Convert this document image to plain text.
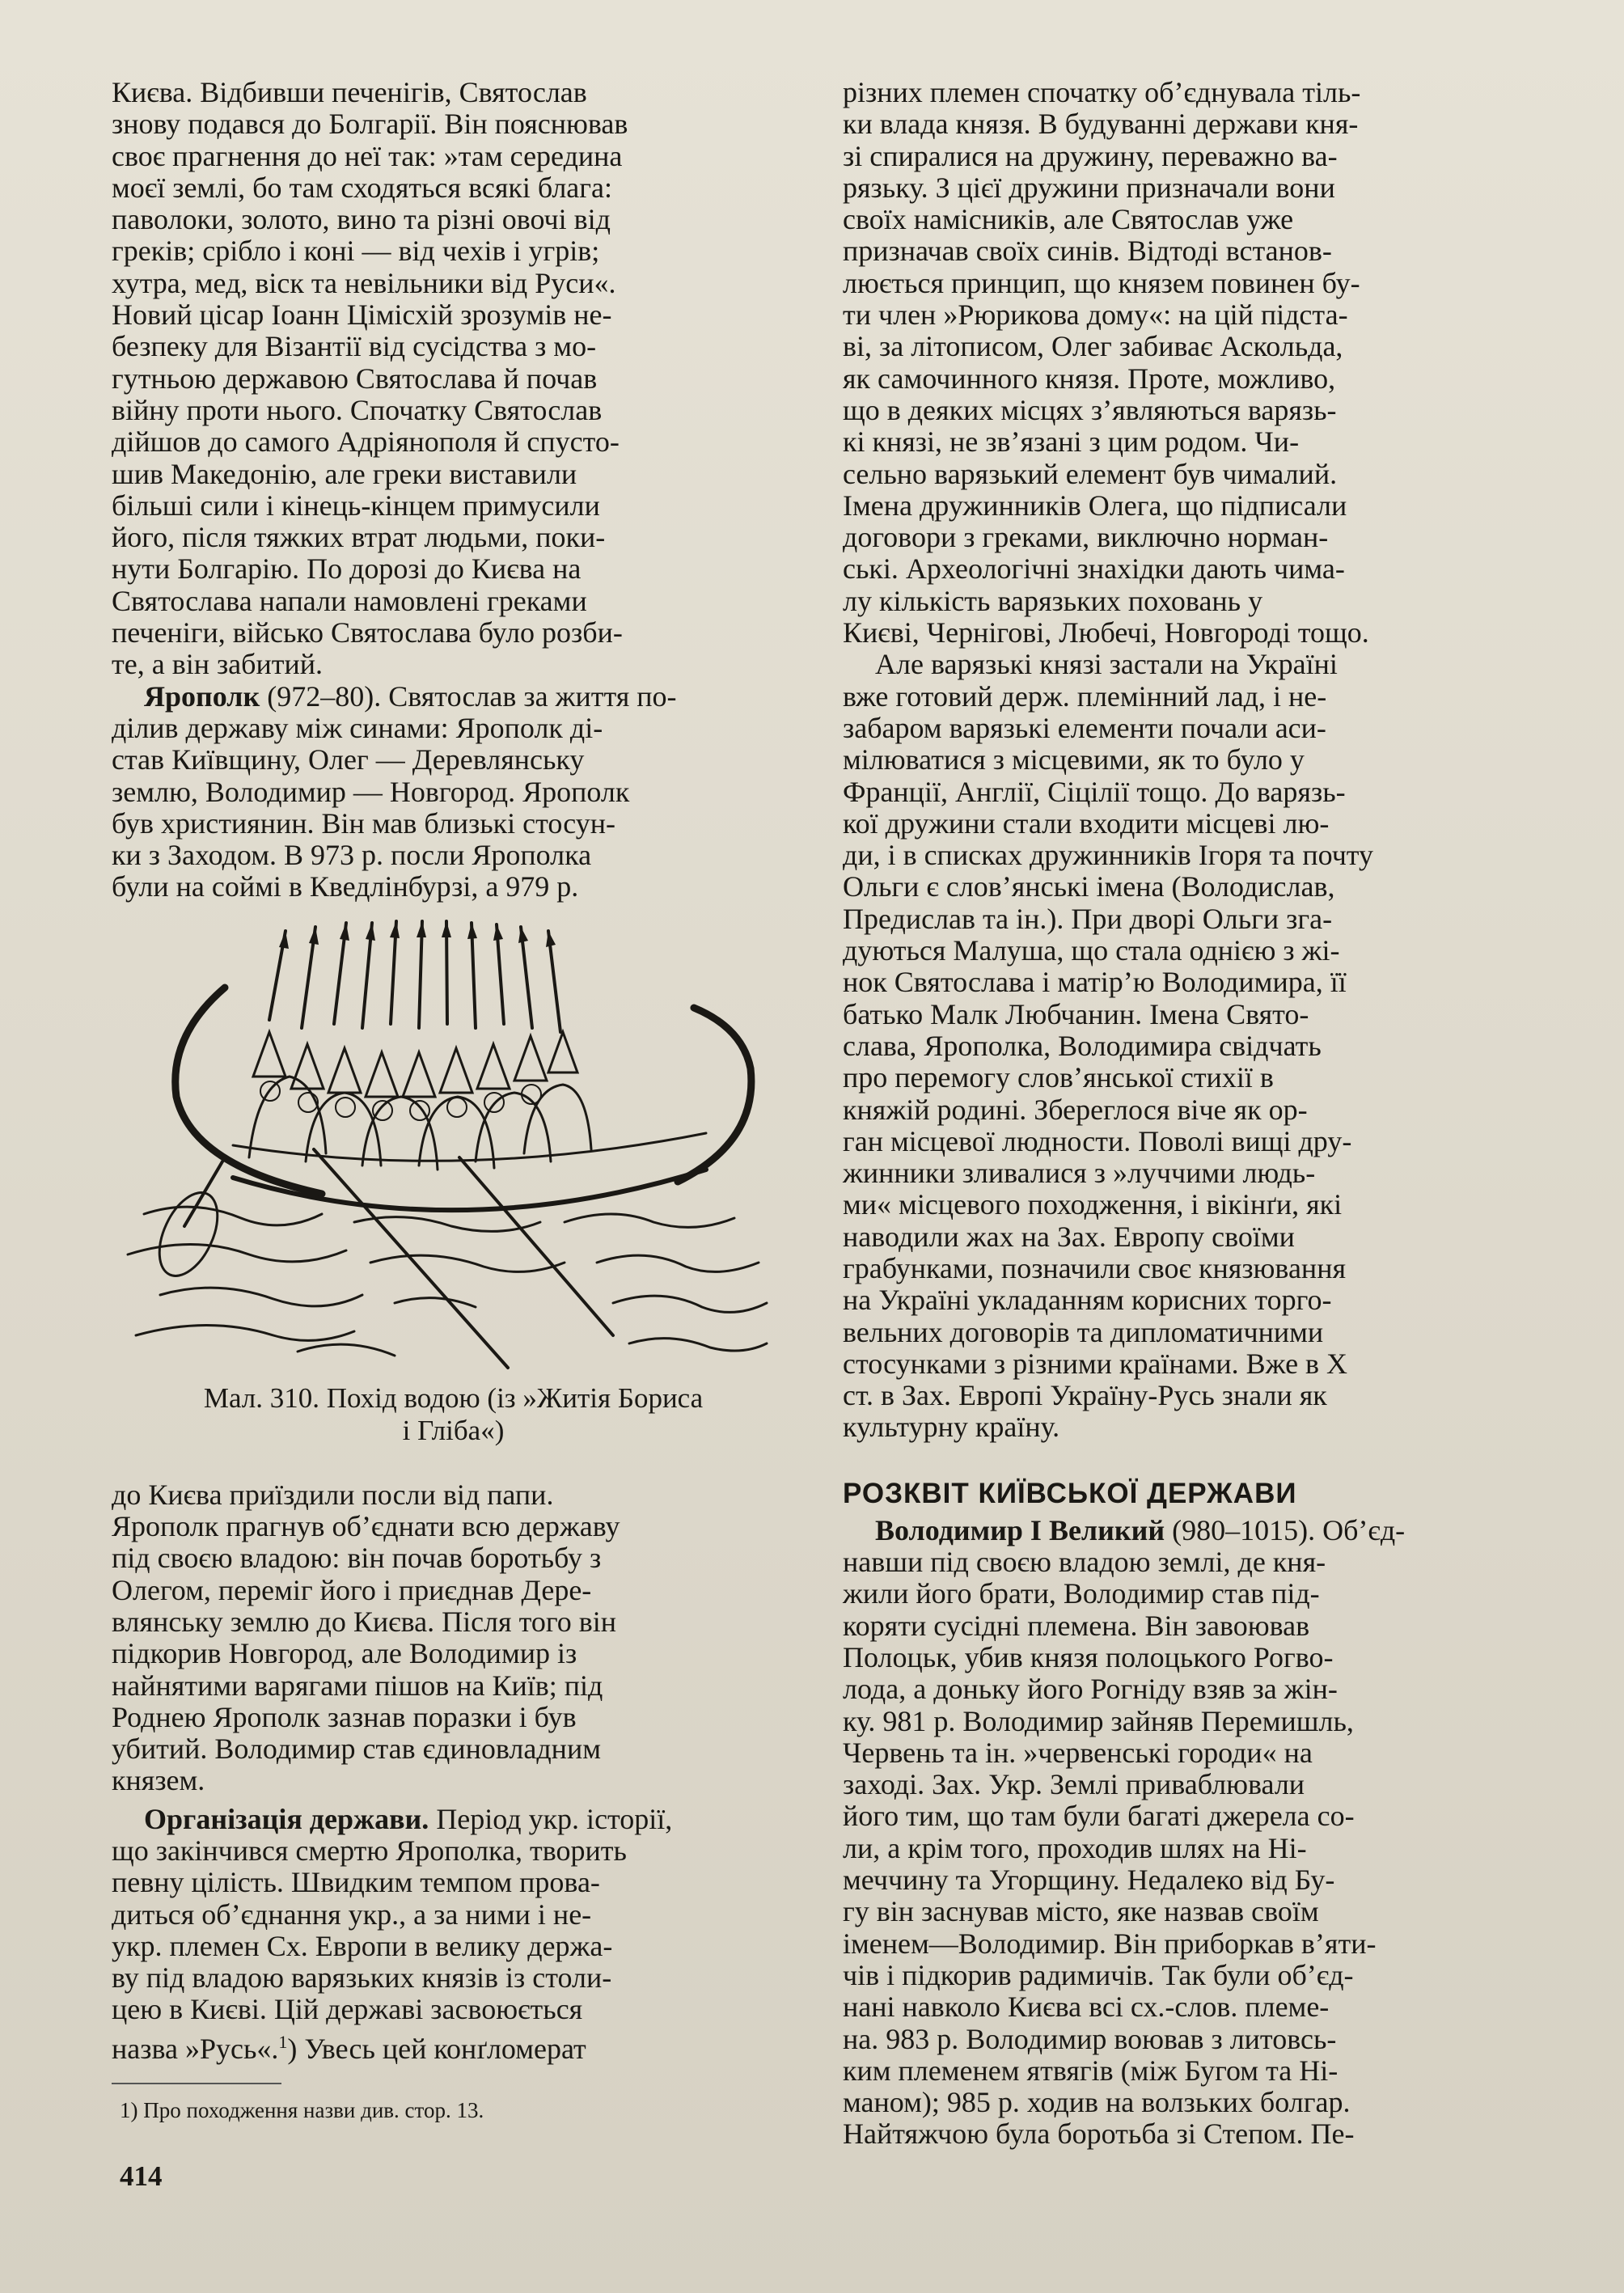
Києва. Відбивши печенігів, Святослав
знову подався до Болгарії. Він пояснював
своє прагнення до неї так: »там середина
моєї землі, бо там сходяться всякі блага:
паволоки, золото, вино та різні овочі від
греків; срібло і коні — від чехів і угрів;
хутра, мед, віск та невільники від Руси«.
Новий цісар Іоанн Цімісхій зрозумів не-
безпеку для Візантії від сусідства з мо-
гутньою державою Святослава й почав
війну проти нього. Спочатку Святослав
дійшов до самого Адріянополя й спусто-
шив Македонію, але греки виставили
більші сили і кінець-кінцем примусили
його, після тяжких втрат людьми, поки-
нути Болгарію. По дорозі до Києва на
Святослава напали намовлені греками
печеніги, військо Святослава було розби-
те, а він забитий.

Ярополк (972–80). Святослав за життя по-
ділив державу між синами: Ярополк ді-
став Київщину, Олег — Деревлянську
землю, Володимир — Новгород. Ярополк
був християнин. Він мав близькі стосун-
ки з Заходом. В 973 р. посли Ярополка
були на соймі в Кведлінбурзі, а 979 р.

Мал. 310. Похід водою (із »Житія Бориса
і Гліба«)

до Києва приїздили посли від папи.
Ярополк прагнув об’єднати всю державу
під своєю владою: він почав боротьбу з
Олегом, переміг його і приєднав Дере-
влянську землю до Києва. Після того він
підкорив Новгород, але Володимир із
найнятими варягами пішов на Київ; під
Роднею Ярополк зазнав поразки і був
убитий. Володимир став єдиновладним
князем.

Організація держави. Період укр. історії,
що закінчився смертю Ярополка, творить
певну цілість. Швидким темпом прова-
диться об’єднання укр., а за ними і не-
укр. племен Сх. Европи в велику держа-
ву під владою варязьких князів із столи-
цею в Києві. Цій державі засвоюється
назва »Русь«.$^1$) Увесь цей конґломерат

1) Про походження назви див. стор. 13.

різних племен спочатку об’єднувала тіль-
ки влада князя. В будуванні держави кня-
зі спиралися на дружину, переважно ва-
рязьку. З цієї дружини призначали вони
своїх намісників, але Святослав уже
призначав своїх синів. Відтоді встанов-
люється принцип, що князем повинен бу-
ти член »Рюрикова дому«: на цій підста-
ві, за літописом, Олег забиває Аскольда,
як самочинного князя. Проте, можливо,
що в деяких місцях з’являються варязь-
кі князі, не зв’язані з цим родом. Чи-
сельно варязький елемент був чималий.
Імена дружинників Олега, що підписали
договори з греками, виключно норман-
ські. Археологічні знахідки дають чима-
лу кількість варязьких поховань у
Києві, Чернігові, Любечі, Новгороді тощо.

Але варязькі князі застали на Україні
вже готовий держ. племінний лад, і не-
забаром варязькі елементи почали аси-
мілюватися з місцевими, як то було у
Франції, Англії, Сіцілії тощо. До варязь-
кої дружини стали входити місцеві лю-
ди, і в списках дружинників Ігоря та почту
Ольги є слов’янські імена (Володислав,
Предислав та ін.). При дворі Ольги зга-
дуються Малуша, що стала однією з жі-
нок Святослава і матір’ю Володимира, її
батько Малк Любчанин. Імена Свято-
слава, Ярополка, Володимира свідчать
про перемогу слов’янської стихії в
княжій родині. Збереглося віче як ор-
ган місцевої людности. Поволі вищі дру-
жинники зливалися з »луччими людь-
ми« місцевого походження, і вікінґи, які
наводили жах на Зах. Европу своїми
грабунками, позначили своє князювання
на Україні укладанням корисних торго-
вельних договорів та дипломатичними
стосунками з різними країнами. Вже в Х
ст. в Зах. Европі Україну-Русь знали як
культурну країну.

РОЗКВІТ КИЇВСЬКОЇ ДЕРЖАВИ

Володимир І Великий (980–1015). Об’єд-
навши під своєю владою землі, де кня-
жили його брати, Володимир став під-
коряти сусідні племена. Він завоював
Полоцьк, убив князя полоцького Рогво-
лода, а доньку його Рогніду взяв за жін-
ку. 981 р. Володимир зайняв Перемишль,
Червень та ін. »червенські городи« на
заході. Зах. Укр. Землі приваблювали
його тим, що там були багаті джерела со-
ли, а крім того, проходив шлях на Ні-
меччину та Угорщину. Недалеко від Бу-
гу він заснував місто, яке назвав своїм
іменем—Володимир. Він приборкав в’яти-
чів і підкорив радимичів. Так були об’єд-
нані навколо Києва всі сх.-слов. племе-
на. 983 р. Володимир воював з литовсь-
ким племенем ятвягів (між Бугом та Ні-
маном); 985 р. ходив на волзьких болгар.
Найтяжчою була боротьба зі Степом. Пе-

414
